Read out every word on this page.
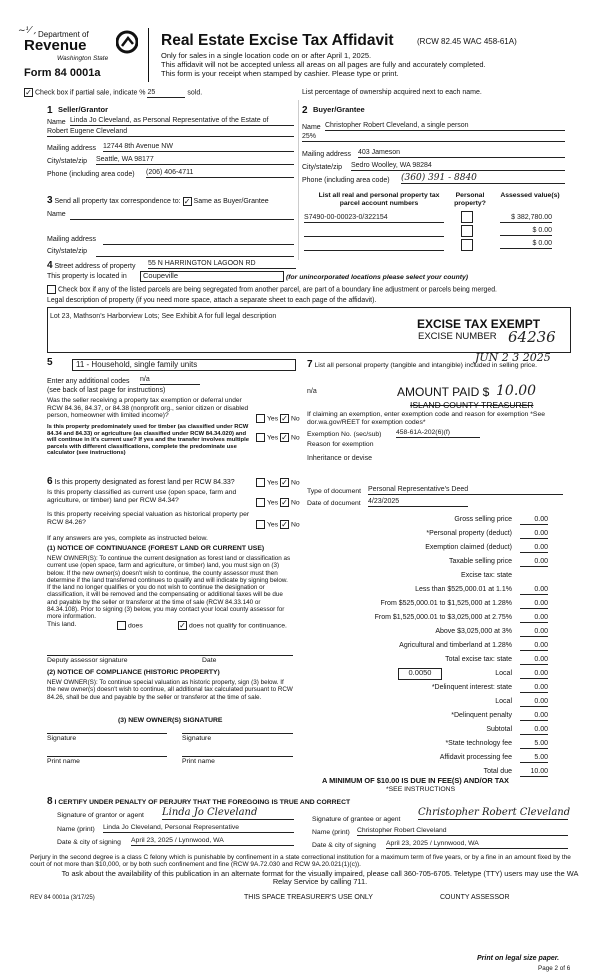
~¹⁄ , Department of
Revenue
Washington State
Form 84 0001a
Real Estate Excise Tax Affidavit	(RCW 82.45 WAC 458-61A)
Only for sales in a single location code on or after April 1, 2025.
This affidavit will not be accepted unless all areas on all pages are fully and accurately completed.
This form is your receipt when stamped by cashier. Please type or print.
✓ Check box if partial sale, indicate % 25	sold.	List percentage of ownership acquired next to each name.
1 Seller/Grantor
Name Linda Jo Cleveland, as Personal Representative of the Estate of
Robert Eugene Cleveland
Mailing address 12744 8th Avenue NW
City/state/zip Seattle, WA 98177
Phone (including area code) (206) 406-4711
2 Buyer/Grantee
Name Christopher Robert Cleveland, a single person
25%
Mailing address 403 Jameson
City/state/zip Sedro Woolley, WA 98284
Phone (including area code) (360) 391 - 8840
3 Send all property tax correspondence to: ✓ Same as Buyer/Grantee
Name
Mailing address
City/state/zip
List all real and personal property tax parcel account numbers
Personal property?
Assessed value(s)
S7490-00-00023-0/322154	$ 382,780.00
$ 0.00
$ 0.00
4 Street address of property 55 N HARRINGTON LAGOON RD
This property is located in	Coupeville	(for unincorporated locations please select your county)
Check box if any of the listed parcels are being segregated from another parcel, are part of a boundary line adjustment or parcels being merged.
Legal description of property (if you need more space, attach a separate sheet to each page of the affidavit).
Lot 23, Mathson's Harborview Lots; See Exhibit A for full legal description
EXCISE TAX EXEMPT
EXCISE NUMBER 64236
5	11 - Household, single family units
Enter any additional codes n/a
(see back of last page for instructions)
Was the seller receiving a property tax exemption or deferral under RCW 84.36, 84.37, or 84.38 (nonprofit org., senior citizen or disabled person, homeowner with limited income)?	Yes ✓ No
Is this property predominately used for timber (as classified under RCW 84.34 and 84.33) or agriculture (as classified under RCW 84.34.020) and will continue in it's current use? If yes and the transfer involves multiple parcels with different classifications, complete the predominate use calculator (see instructions)
Yes ✓ No
6 Is this property designated as forest land per RCW 84.33?	Yes ✓ No
Is this property classified as current use (open space, farm and agriculture, or timber) land per RCW 84.34?	Yes ✓ No
Is this property receiving special valuation as historical property per RCW 84.26?	Yes ✓ No
If any answers are yes, complete as instructed below.
(1) NOTICE OF CONTINUANCE (FOREST LAND OR CURRENT USE)
NEW OWNER(S): To continue the current designation as forest land or classification as current use (open space, farm and agriculture, or timber) land, you must sign on (3) below. If the new owner(s) doesn't wish to continue, the county assessor must then determine if the land transferred continues to qualify and will indicate by signing below. If the land no longer qualifies or you do not wish to continue the designation or classification, it will be removed and the compensating or additional taxes will be due and payable by the seller or transferor at the time of sale (RCW 84.33.140 or 84.34.108). Prior to signing (3) below, you may contact your local county assessor for more information.
This land.	does	✓ does not qualify for continuance.
Deputy assessor signature	Date
(2) NOTICE OF COMPLIANCE (HISTORIC PROPERTY)
NEW OWNER(S): To continue special valuation as historic property, sign (3) below. If the new owner(s) doesn't wish to continue, all additional tax calculated pursuant to RCW 84.26, shall be due and payable by the seller or transferor at the time of sale.
(3) NEW OWNER(S) SIGNATURE
Signature	Signature
Print name	Print name
7 List all personal property (tangible and intangible) included in selling price.
JUN 2 3 2025
n/a	AMOUNT PAID $ 10.00
ISLAND COUNTY TREASURER
If claiming an exemption, enter exemption code and reason for exemption *See dor.wa.gov/REET for exemption codes*
Exemption No. (sec/sub) 458-61A-202(6)(f)
Reason for exemption
Inheritance or devise
Type of document Personal Representative's Deed
Date of document 4/23/2025
Gross selling price	0.00
*Personal property (deduct)	0.00
Exemption claimed (deduct)	0.00
Taxable selling price	0.00
Excise tax: state
Less than $525,000.01 at 1.1%	0.00
From $525,000.01 to $1,525,000 at 1.28%	0.00
From $1,525,000.01 to $3,025,000 at 2.75%	0.00
Above $3,025,000 at 3%	0.00
Agricultural and timberland at 1.28%	0.00
Total excise tax: state	0.00
0.0050	Local	0.00
*Delinquent interest: state	0.00
Local	0.00
*Delinquent penalty	0.00
Subtotal	0.00
*State technology fee	5.00
Affidavit processing fee	5.00
Total due	10.00
A MINIMUM OF $10.00 IS DUE IN FEE(S) AND/OR TAX
*SEE INSTRUCTIONS
8 I CERTIFY UNDER PENALTY OF PERJURY THAT THE FOREGOING IS TRUE AND CORRECT
Signature of grantor or agent Linda Jo Cleveland
Name (print) Linda Jo Cleveland, Personal Representative
Date & city of signing April 23, 2025 / Lynnwood, WA
Signature of grantee or agent
Christopher Robert Cleveland
Name (print) Christopher Robert Cleveland
Date & city of signing April 23, 2025 / Lynnwood, WA
Perjury in the second degree is a class C felony which is punishable by confinement in a state correctional institution for a maximum term of five years, or by a fine in an amount fixed by the court of not more than $10,000, or by both such confinement and fine (RCW 9A.72.030 and RCW 9A.20.021(1)(c)).
To ask about the availability of this publication in an alternate format for the visually impaired, please call 360-705-6705. Teletype (TTY) users may use the WA Relay Service by calling 711.
REV 84 0001a (3/17/25)	THIS SPACE TREASURER'S USE ONLY	COUNTY ASSESSOR
Print on legal size paper.
Page 2 of 6
